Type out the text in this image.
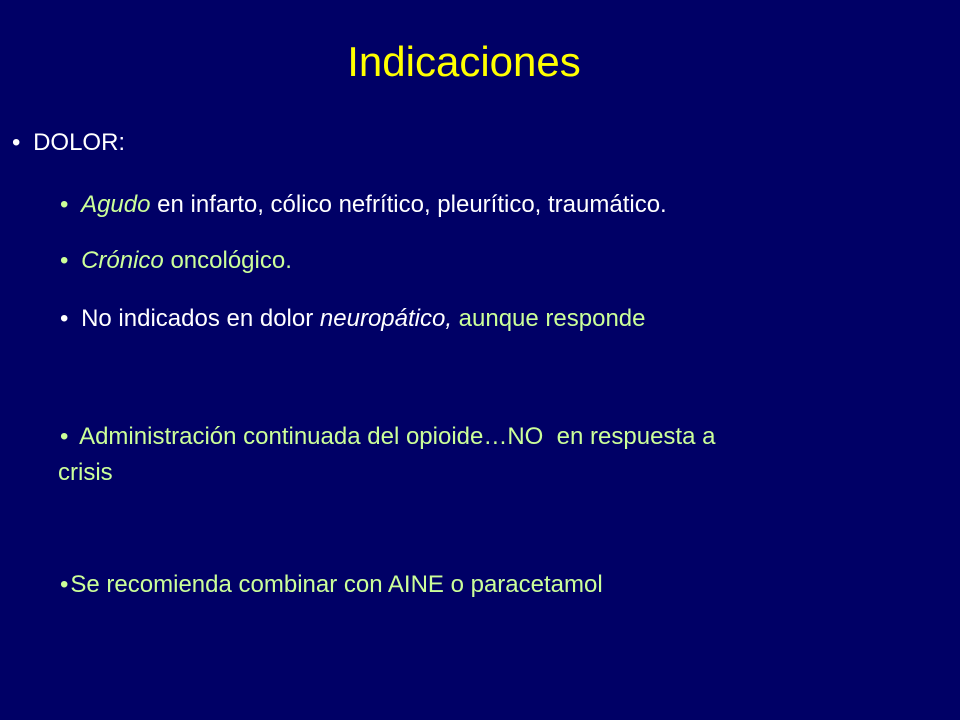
Indicaciones
• DOLOR:
• Agudo en infarto, cólico nefrítico, pleurítico, traumático.
• Crónico oncológico.
• No indicados en dolor neuropático, aunque responde
• Administración continuada del opioide…NO  en respuesta a
crisis
•Se recomienda combinar con AINE o paracetamol
